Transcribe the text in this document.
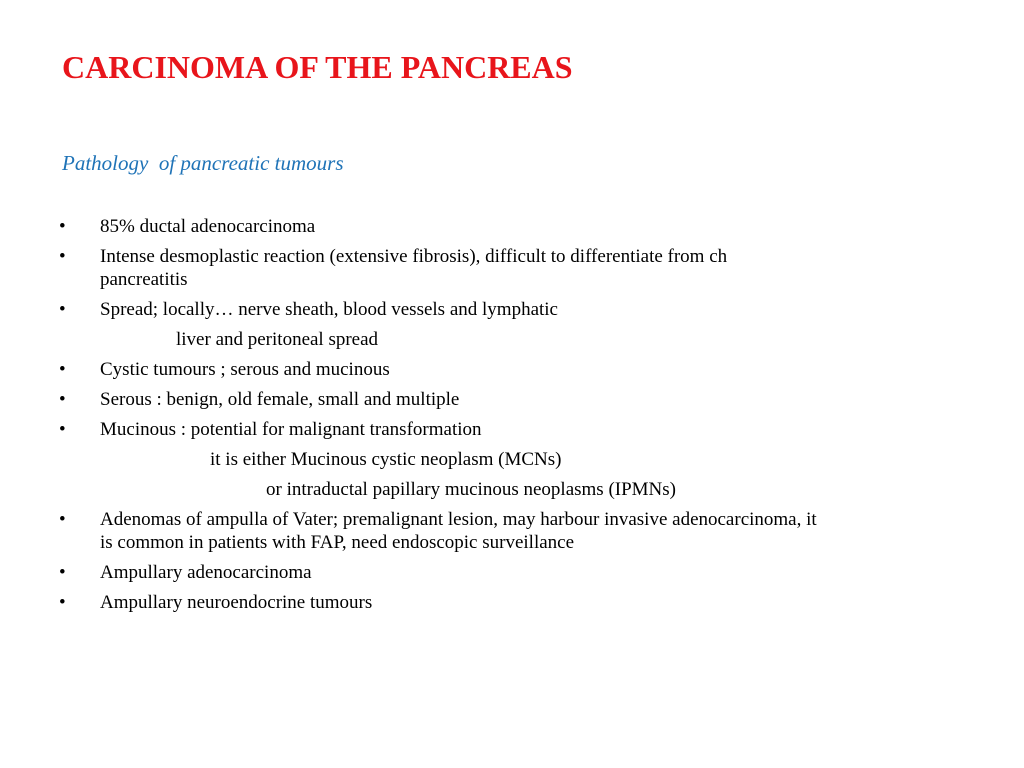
CARCINOMA OF THE PANCREAS
Pathology  of pancreatic tumours
• 85% ductal adenocarcinoma
• Intense desmoplastic reaction (extensive fibrosis), difficult to differentiate from ch
pancreatitis
• Spread; locally… nerve sheath, blood vessels and lymphatic
liver and peritoneal spread
• Cystic tumours ; serous and mucinous
• Serous : benign, old female, small and multiple
• Mucinous : potential for malignant transformation
it is either Mucinous cystic neoplasm (MCNs)
or intraductal papillary mucinous neoplasms (IPMNs)
• Adenomas of ampulla of Vater; premalignant lesion, may harbour invasive adenocarcinoma, it
is common in patients with FAP, need endoscopic surveillance
• Ampullary adenocarcinoma
• Ampullary neuroendocrine tumours
